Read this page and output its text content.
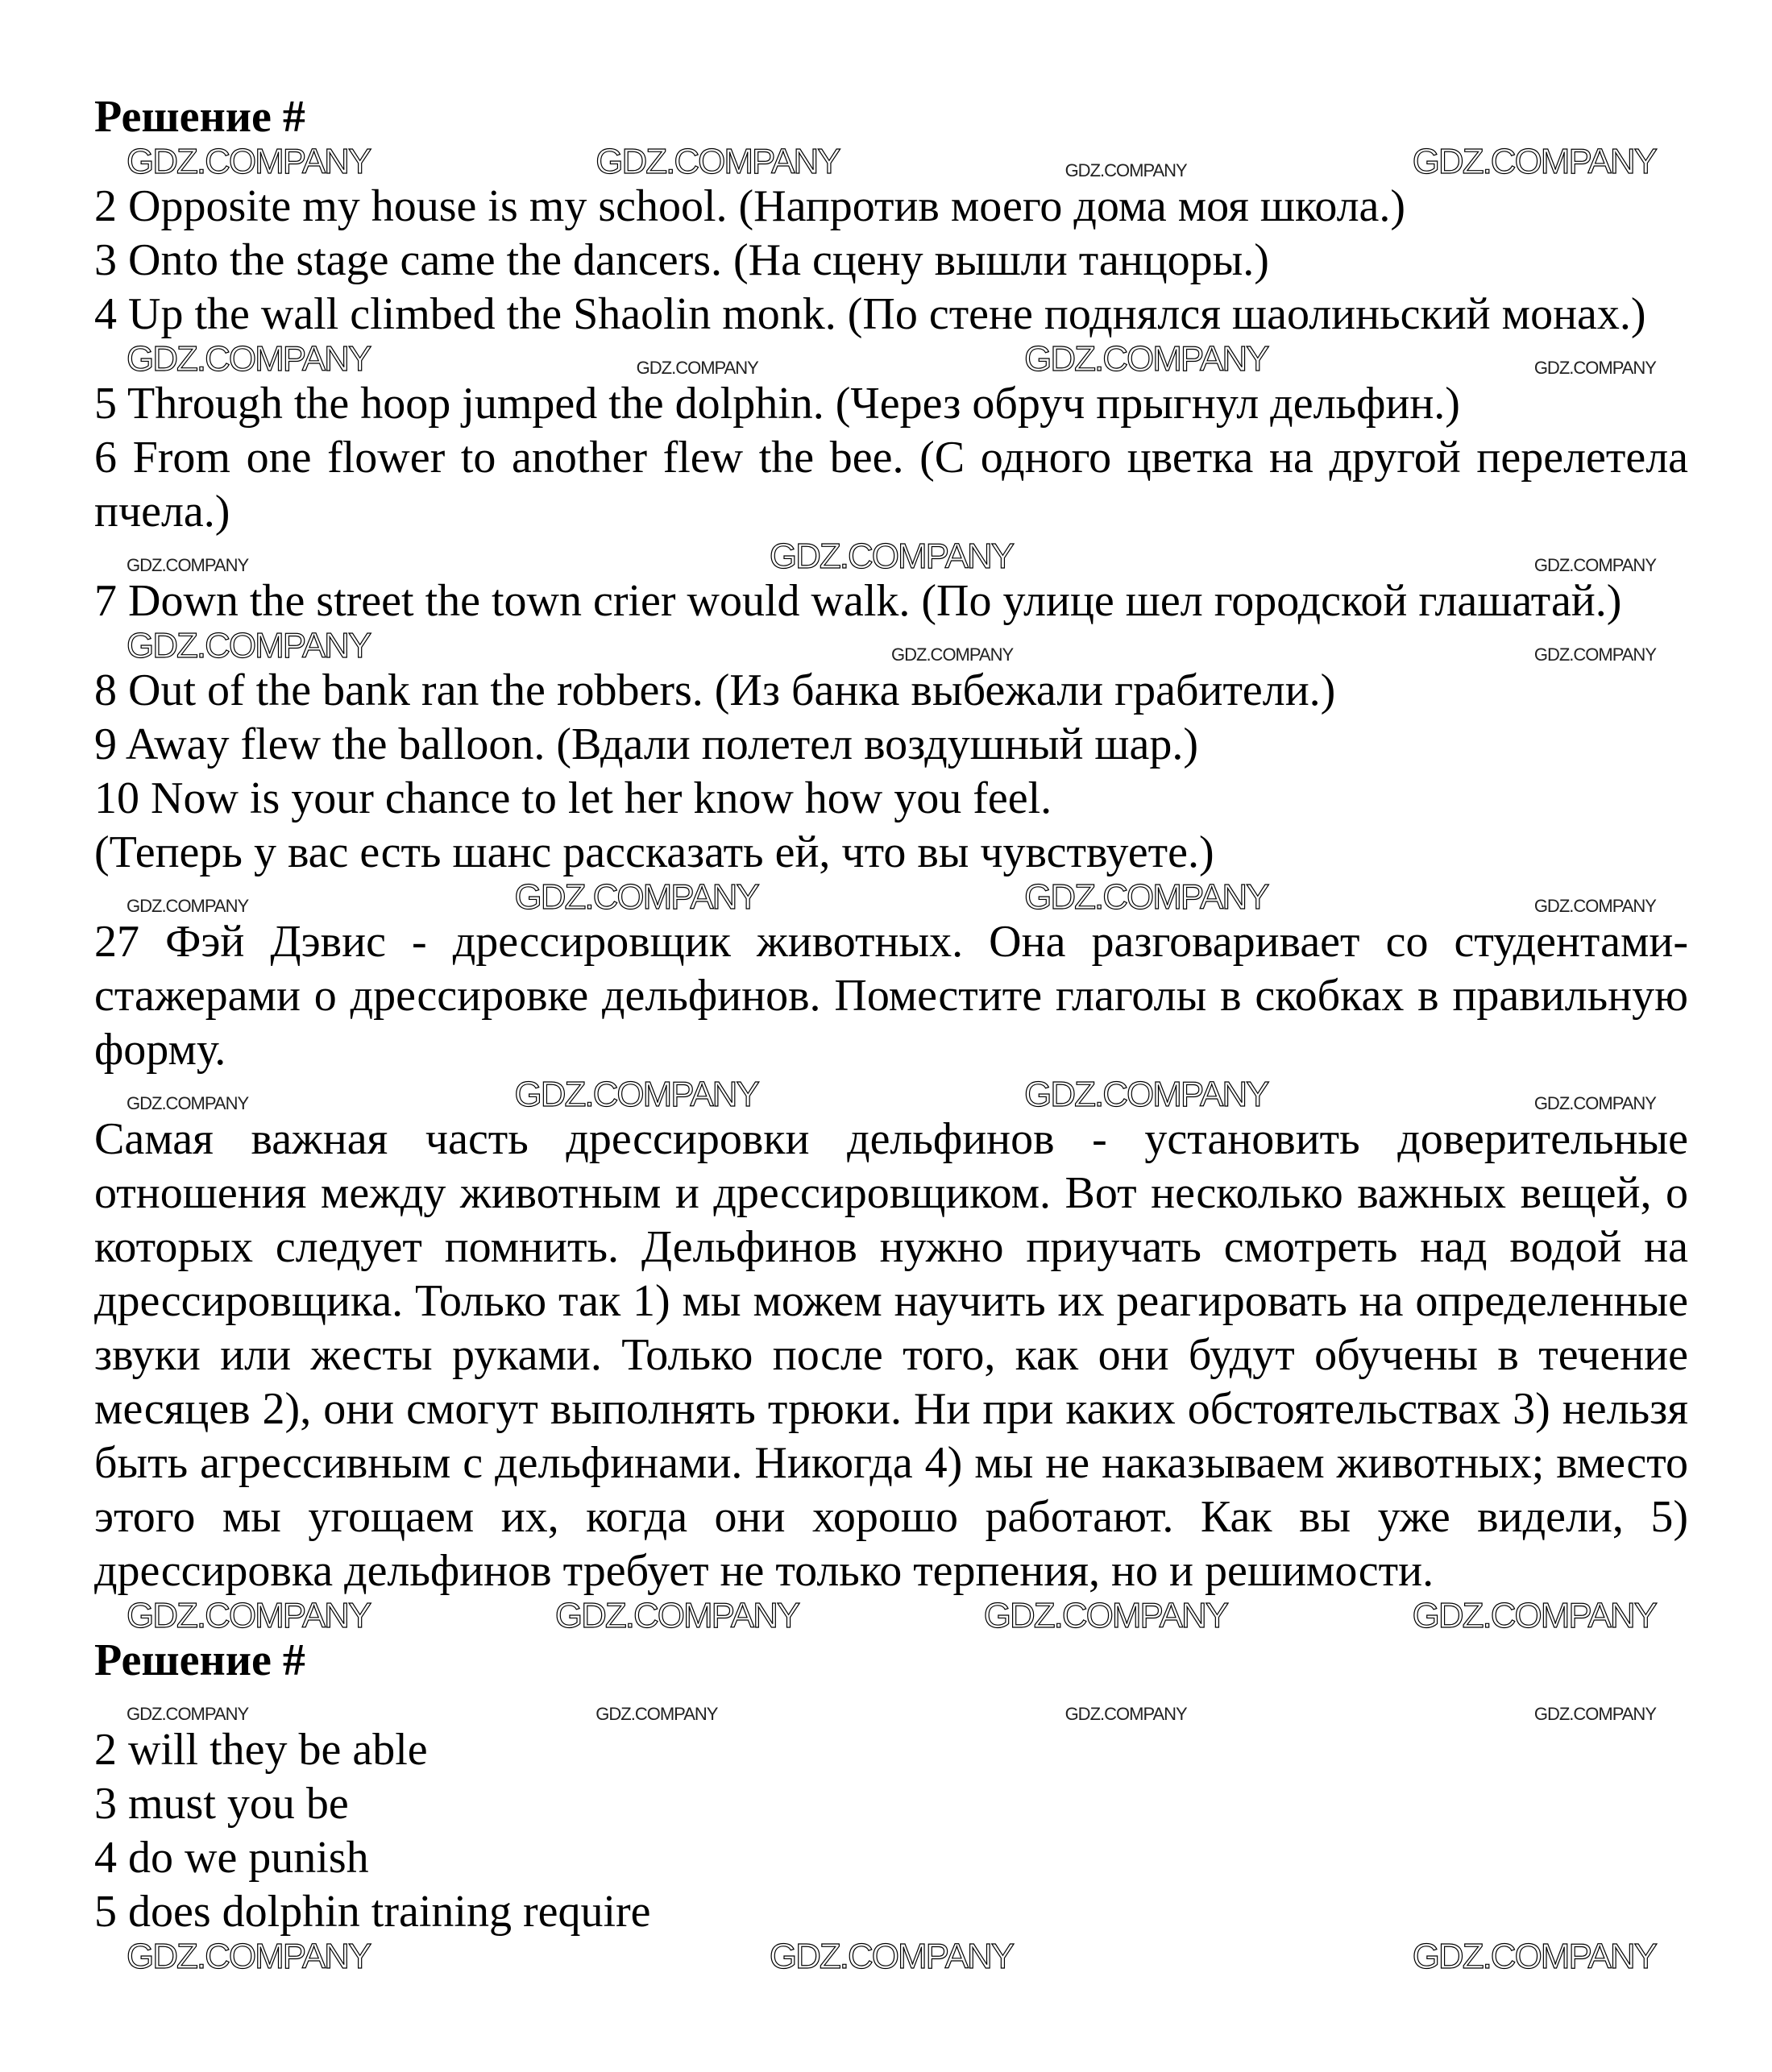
Решение #

GDZ.COMPANY	GDZ.COMPANY	GDZ.COMPANY	GDZ.COMPANY

2 Opposite my house is my school. (Напротив моего дома моя школа.)

3 Onto the stage came the dancers. (На сцену вышли танцоры.)

4 Up the wall climbed the Shaolin monk. (По стене поднялся шаолиньский монах.)

GDZ.COMPANY	GDZ.COMPANY	GDZ.COMPANY	GDZ.COMPANY

5 Through the hoop jumped the dolphin. (Через обруч прыгнул дельфин.)

6 From one flower to another flew the bee. (С одного цветка на другой перелетела пчела.)

GDZ.COMPANY	GDZ.COMPANY	GDZ.COMPANY

7 Down the street the town crier would walk. (По улице шел городской глашатай.)

GDZ.COMPANY	GDZ.COMPANY	GDZ.COMPANY

8 Out of the bank ran the robbers. (Из банка выбежали грабители.)

9 Away flew the balloon. (Вдали полетел воздушный шар.)

10 Now is your chance to let her know how you feel.

(Теперь у вас есть шанс рассказать ей, что вы чувствуете.)

GDZ.COMPANY	GDZ.COMPANY	GDZ.COMPANY	GDZ.COMPANY

27 Фэй Дэвис - дрессировщик животных. Она разговаривает со студентами-стажерами о дрессировке дельфинов. Поместите глаголы в скобках в правильную форму.

GDZ.COMPANY	GDZ.COMPANY	GDZ.COMPANY	GDZ.COMPANY

Самая важная часть дрессировки дельфинов - установить доверительные отношения между животным и дрессировщиком. Вот несколько важных вещей, о которых следует помнить. Дельфинов нужно приучать смотреть над водой на дрессировщика. Только так 1) мы можем научить их реагировать на определенные звуки или жесты руками. Только после того, как они будут обучены в течение месяцев 2), они смогут выполнять трюки. Ни при каких обстоятельствах 3) нельзя быть агрессивным с дельфинами. Никогда 4) мы не наказываем животных; вместо этого мы угощаем их, когда они хорошо работают. Как вы уже видели, 5) дрессировка дельфинов требует не только терпения, но и решимости.

GDZ.COMPANY	GDZ.COMPANY	GDZ.COMPANY	GDZ.COMPANY

Решение #

GDZ.COMPANY	GDZ.COMPANY	GDZ.COMPANY	GDZ.COMPANY

2 will they be able

3 must you be

4 do we punish

5 does dolphin training require

GDZ.COMPANY	GDZ.COMPANY	GDZ.COMPANY
